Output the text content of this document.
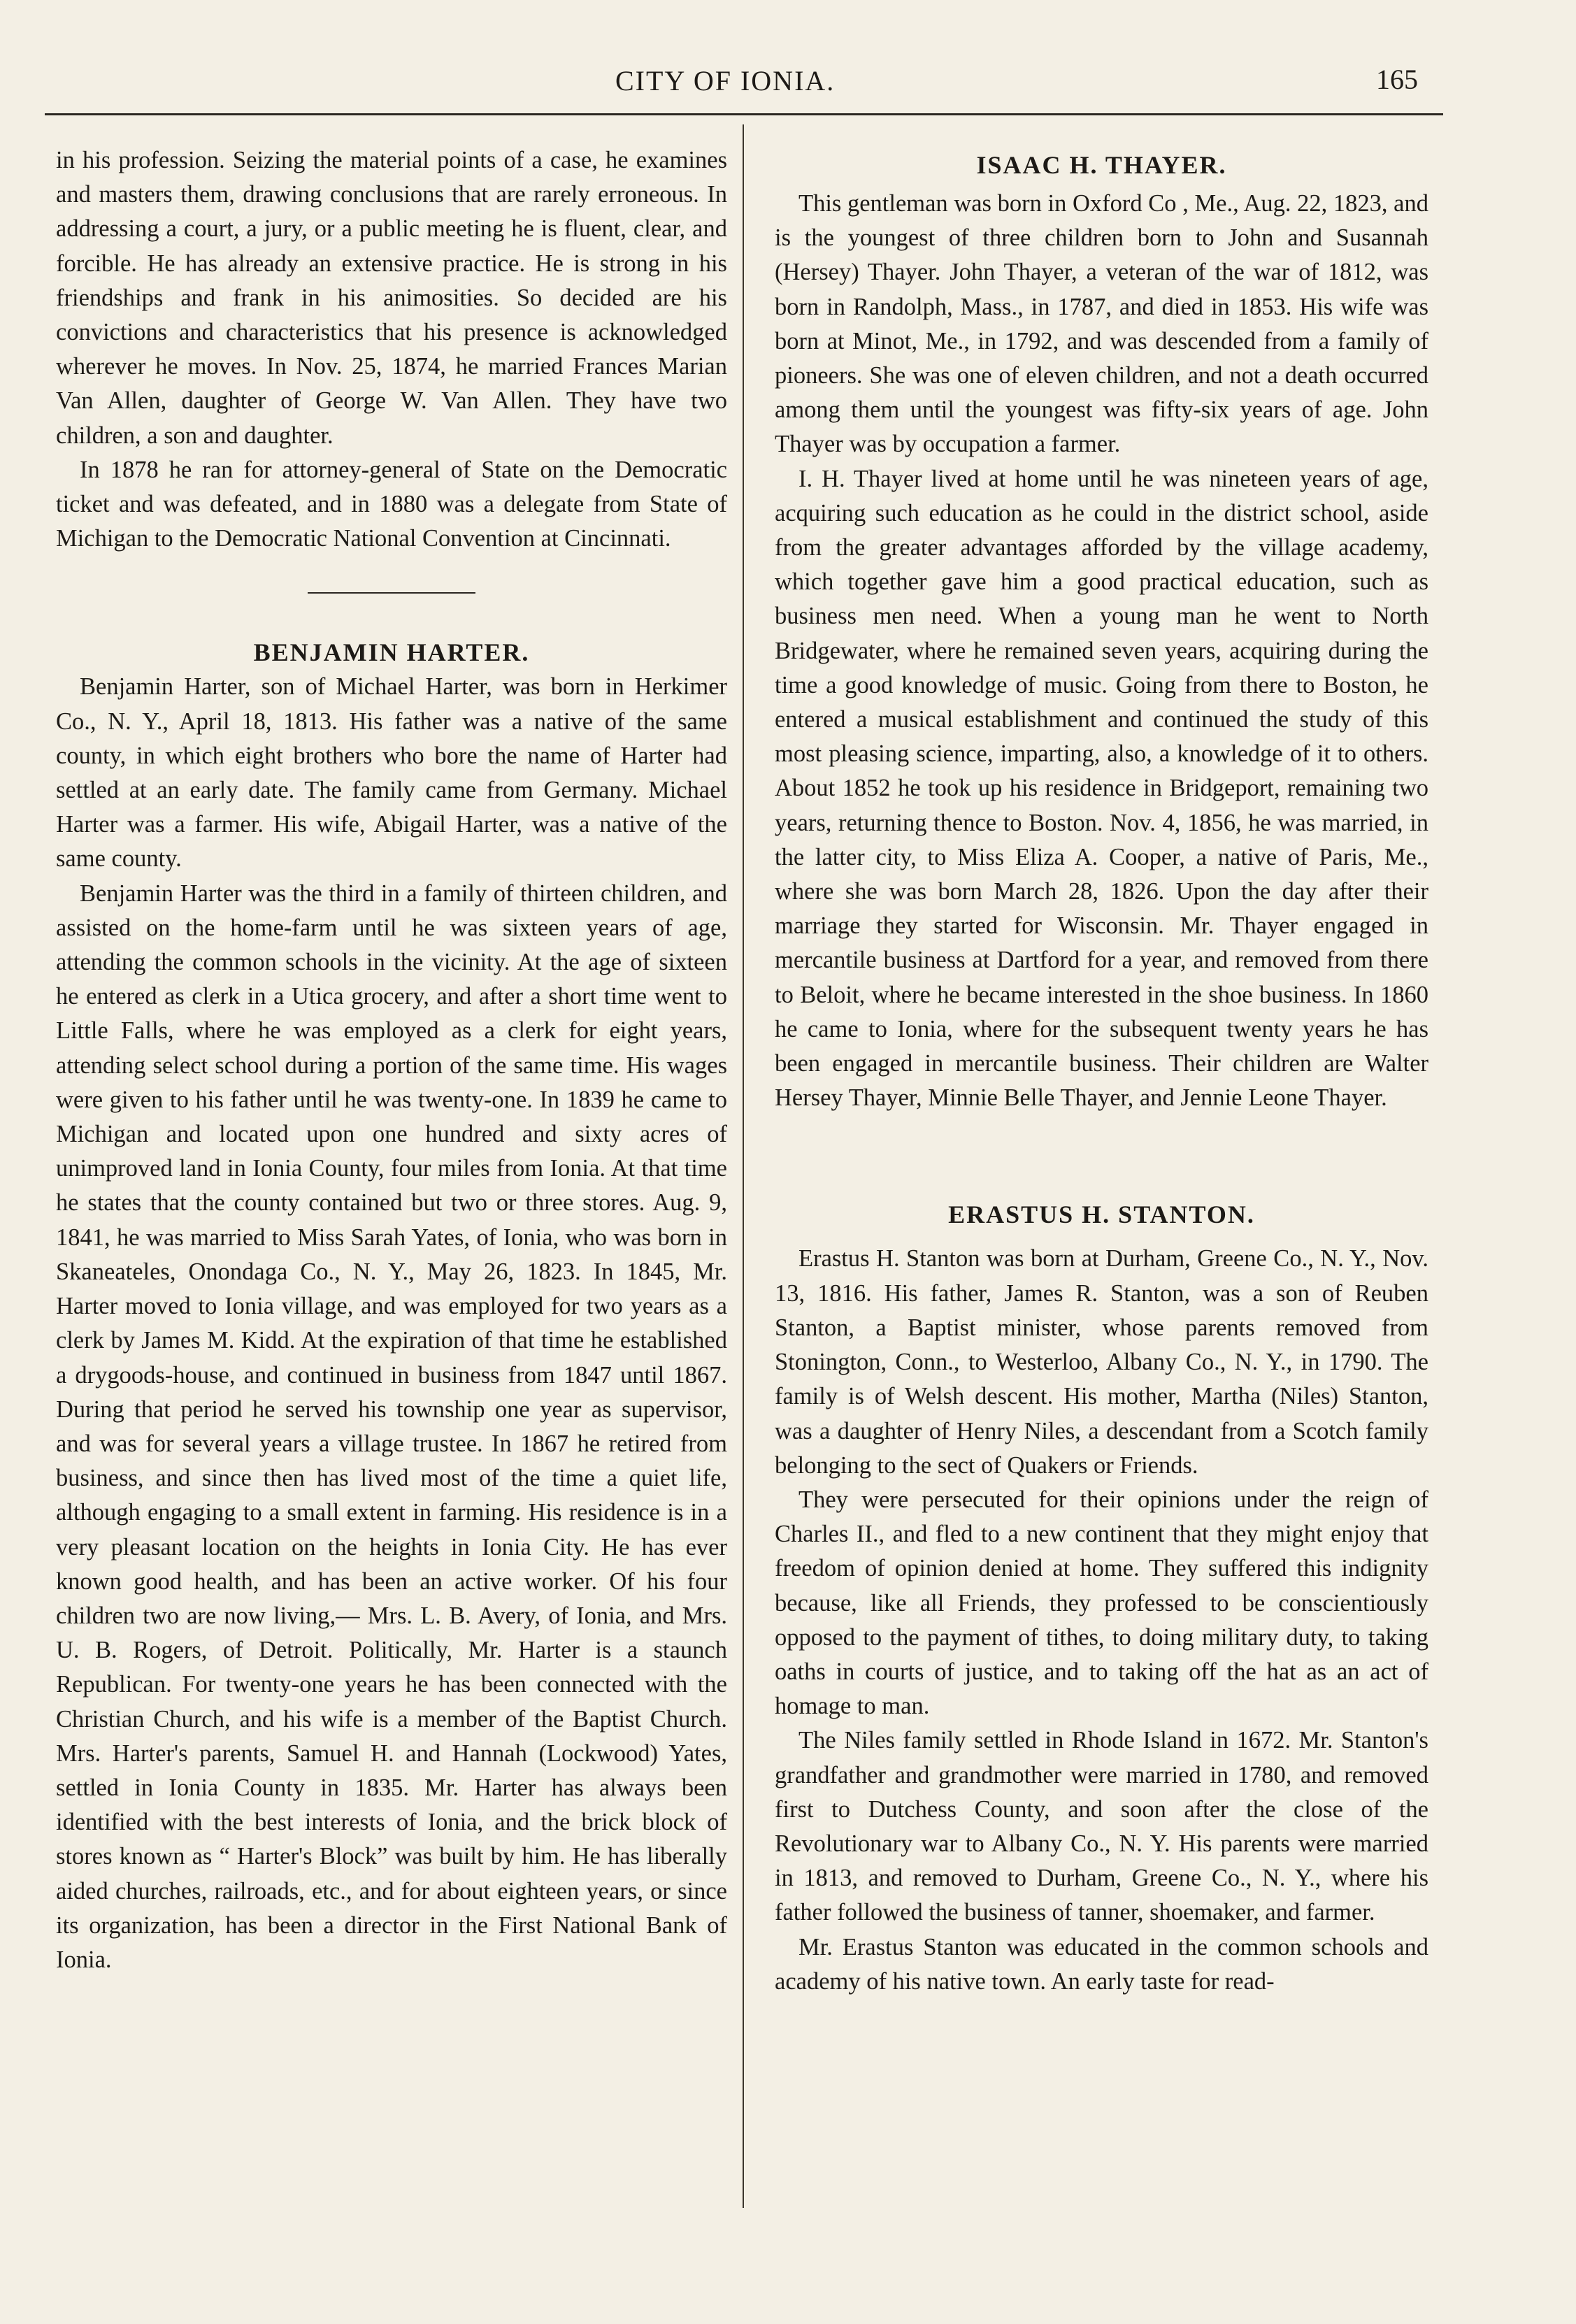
CITY OF IONIA.	165

in his profession. Seizing the material points of a case, he examines and masters them, drawing conclusions that are rarely erroneous. In addressing a court, a jury, or a public meeting he is fluent, clear, and forcible. He has already an extensive practice. He is strong in his friendships and frank in his animosities. So decided are his convictions and characteristics that his presence is acknowledged wherever he moves. In Nov. 25, 1874, he married Frances Marian Van Allen, daughter of George W. Van Allen. They have two children, a son and daughter.

In 1878 he ran for attorney-general of State on the Democratic ticket and was defeated, and in 1880 was a delegate from State of Michigan to the Democratic National Convention at Cincinnati.

BENJAMIN HARTER.

Benjamin Harter, son of Michael Harter, was born in Herkimer Co., N. Y., April 18, 1813. His father was a native of the same county, in which eight brothers who bore the name of Harter had settled at an early date. The family came from Germany. Michael Harter was a farmer. His wife, Abigail Harter, was a native of the same county.

Benjamin Harter was the third in a family of thirteen children, and assisted on the home-farm until he was sixteen years of age, attending the common schools in the vicinity. At the age of sixteen he entered as clerk in a Utica grocery, and after a short time went to Little Falls, where he was employed as a clerk for eight years, attending select school during a portion of the same time. His wages were given to his father until he was twenty-one. In 1839 he came to Michigan and located upon one hundred and sixty acres of unimproved land in Ionia County, four miles from Ionia. At that time he states that the county contained but two or three stores. Aug. 9, 1841, he was married to Miss Sarah Yates, of Ionia, who was born in Skaneateles, Onondaga Co., N. Y., May 26, 1823. In 1845, Mr. Harter moved to Ionia village, and was employed for two years as a clerk by James M. Kidd. At the expiration of that time he established a drygoods-house, and continued in business from 1847 until 1867. During that period he served his township one year as supervisor, and was for several years a village trustee. In 1867 he retired from business, and since then has lived most of the time a quiet life, although engaging to a small extent in farming. His residence is in a very pleasant location on the heights in Ionia City. He has ever known good health, and has been an active worker. Of his four children two are now living,— Mrs. L. B. Avery, of Ionia, and Mrs. U. B. Rogers, of Detroit. Politically, Mr. Harter is a staunch Republican. For twenty-one years he has been connected with the Christian Church, and his wife is a member of the Baptist Church. Mrs. Harter's parents, Samuel H. and Hannah (Lockwood) Yates, settled in Ionia County in 1835. Mr. Harter has always been identified with the best interests of Ionia, and the brick block of stores known as “ Harter's Block” was built by him. He has liberally aided churches, railroads, etc., and for about eighteen years, or since its organization, has been a director in the First National Bank of Ionia.

ISAAC H. THAYER.

This gentleman was born in Oxford Co , Me., Aug. 22, 1823, and is the youngest of three children born to John and Susannah (Hersey) Thayer. John Thayer, a veteran of the war of 1812, was born in Randolph, Mass., in 1787, and died in 1853. His wife was born at Minot, Me., in 1792, and was descended from a family of pioneers. She was one of eleven children, and not a death occurred among them until the youngest was fifty-six years of age. John Thayer was by occupation a farmer.

I. H. Thayer lived at home until he was nineteen years of age, acquiring such education as he could in the district school, aside from the greater advantages afforded by the village academy, which together gave him a good practical education, such as business men need. When a young man he went to North Bridgewater, where he remained seven years, acquiring during the time a good knowledge of music. Going from there to Boston, he entered a musical establishment and continued the study of this most pleasing science, imparting, also, a knowledge of it to others. About 1852 he took up his residence in Bridgeport, remaining two years, returning thence to Boston. Nov. 4, 1856, he was married, in the latter city, to Miss Eliza A. Cooper, a native of Paris, Me., where she was born March 28, 1826. Upon the day after their marriage they started for Wisconsin. Mr. Thayer engaged in mercantile business at Dartford for a year, and removed from there to Beloit, where he became interested in the shoe business. In 1860 he came to Ionia, where for the subsequent twenty years he has been engaged in mercantile business. Their children are Walter Hersey Thayer, Minnie Belle Thayer, and Jennie Leone Thayer.

ERASTUS H. STANTON.

Erastus H. Stanton was born at Durham, Greene Co., N. Y., Nov. 13, 1816. His father, James R. Stanton, was a son of Reuben Stanton, a Baptist minister, whose parents removed from Stonington, Conn., to Westerloo, Albany Co., N. Y., in 1790. The family is of Welsh descent. His mother, Martha (Niles) Stanton, was a daughter of Henry Niles, a descendant from a Scotch family belonging to the sect of Quakers or Friends.

They were persecuted for their opinions under the reign of Charles II., and fled to a new continent that they might enjoy that freedom of opinion denied at home. They suffered this indignity because, like all Friends, they professed to be conscientiously opposed to the payment of tithes, to doing military duty, to taking oaths in courts of justice, and to taking off the hat as an act of homage to man.

The Niles family settled in Rhode Island in 1672. Mr. Stanton's grandfather and grandmother were married in 1780, and removed first to Dutchess County, and soon after the close of the Revolutionary war to Albany Co., N. Y. His parents were married in 1813, and removed to Durham, Greene Co., N. Y., where his father followed the business of tanner, shoemaker, and farmer.

Mr. Erastus Stanton was educated in the common schools and academy of his native town. An early taste for read-
